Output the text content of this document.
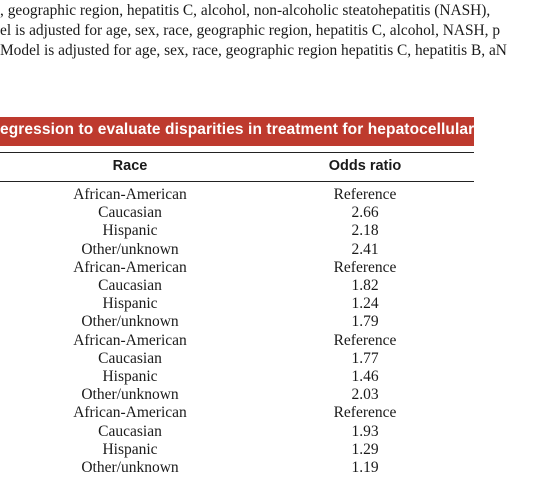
, geographic region, hepatitis C, alcohol, non-alcoholic steatohepatitis (NASH),
el is adjusted for age, sex, race, geographic region, hepatitis C, alcohol, NASH, p
Model is adjusted for age, sex, race, geographic region hepatitis C, hepatitis B, aN
egression to evaluate disparities in treatment for hepatocellular carcinon
Race	Odds ratio
African-American	Reference
Caucasian	2.66
Hispanic	2.18
Other/unknown	2.41
African-American	Reference
Caucasian	1.82
Hispanic	1.24
Other/unknown	1.79
African-American	Reference
Caucasian	1.77
Hispanic	1.46
Other/unknown	2.03
African-American	Reference
Caucasian	1.93
Hispanic	1.29
Other/unknown	1.19
